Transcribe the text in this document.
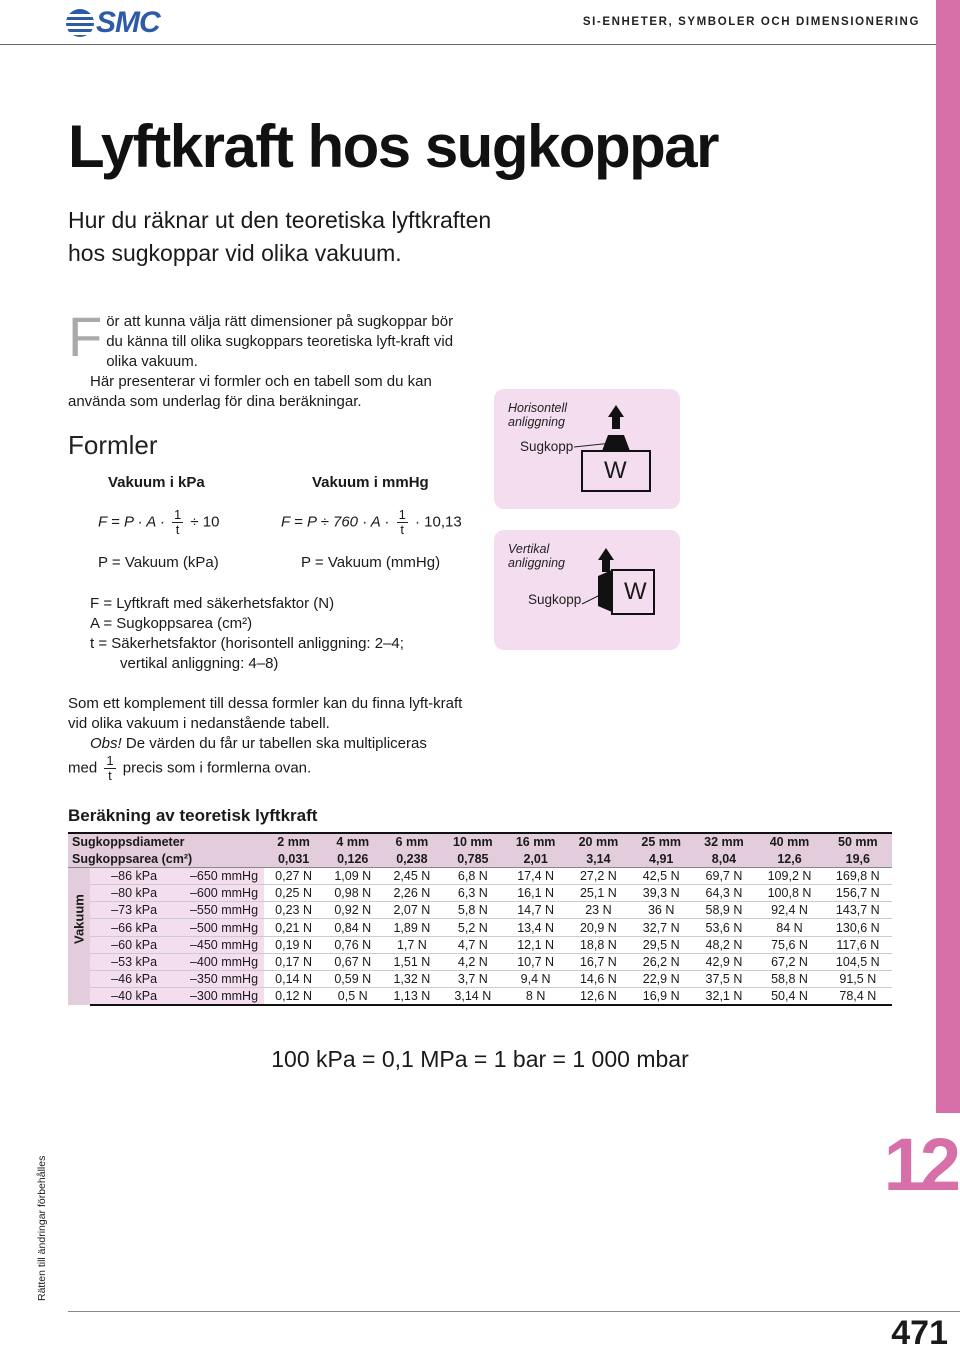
SMC	SI-ENHETER, SYMBOLER OCH DIMENSIONERING
Lyftkraft hos sugkoppar
Hur du räknar ut den teoretiska lyftkraften
hos sugkoppar vid olika vakuum.
F ör att kunna välja rätt dimensioner på sugkoppar bör du känna till olika sugkoppars teoretiska lyft-kraft vid olika vakuum.

Här presenterar vi formler och en tabell som du kan använda som underlag för dina beräkningar.

Formler
Vakuum i kPa	Vakuum i mmHg
$F = P \cdot A \cdot \frac{1}{t} \div 10$	$F = P \div 760 \cdot A \cdot \frac{1}{t} \cdot 10,13$
P = Vakuum (kPa)	P = Vakuum (mmHg)
F = Lyftkraft med säkerhetsfaktor (N)
A = Sugkoppsarea (cm²)
t = Säkerhetsfaktor (horisontell anliggning: 2–4;
vertikal anliggning: 4–8)
Horisontell anliggning
Sugkopp
W
Vertikal anliggning
Sugkopp W
Som ett komplement till dessa formler kan du finna lyft-kraft vid olika vakuum i nedanstående tabell.
Obs! De värden du får ur tabellen ska multipliceras
med $\frac{1}{t}$ precis som i formlerna ovan.
Beräkning av teoretisk lyftkraft
Sugkoppsdiameter			2 mm	4 mm	6 mm	10 mm	16 mm	20 mm	25 mm	32 mm	40 mm	50 mm
Sugkoppsarea (cm²)			0,031	0,126	0,238	0,785	2,01	3,14	4,91	8,04	12,6	19,6

Vakuum	–86 kPa	–650 mmHg	0,27 N	1,09 N	2,45 N	6,8 N	17,4 N	27,2 N	42,5 N	69,7 N	109,2 N	169,8 N
	–80 kPa	–600 mmHg	0,25 N	0,98 N	2,26 N	6,3 N	16,1 N	25,1 N	39,3 N	64,3 N	100,8 N	156,7 N
	–73 kPa	–550 mmHg	0,23 N	0,92 N	2,07 N	5,8 N	14,7 N	23 N	36 N	58,9 N	92,4 N	143,7 N
	–66 kPa	–500 mmHg	0,21 N	0,84 N	1,89 N	5,2 N	13,4 N	20,9 N	32,7 N	53,6 N	84 N	130,6 N
	–60 kPa	–450 mmHg	0,19 N	0,76 N	1,7 N	4,7 N	12,1 N	18,8 N	29,5 N	48,2 N	75,6 N	117,6 N
	–53 kPa	–400 mmHg	0,17 N	0,67 N	1,51 N	4,2 N	10,7 N	16,7 N	26,2 N	42,9 N	67,2 N	104,5 N
	–46 kPa	–350 mmHg	0,14 N	0,59 N	1,32 N	3,7 N	9,4 N	14,6 N	22,9 N	37,5 N	58,8 N	91,5 N
	–40 kPa	–300 mmHg	0,12 N	0,5 N	1,13 N	3,14 N	8 N	12,6 N	16,9 N	32,1 N	50,4 N	78,4 N
100 kPa = 0,1 MPa = 1 bar = 1 000 mbar
Rätten till ändringar förbehålles	12
471
